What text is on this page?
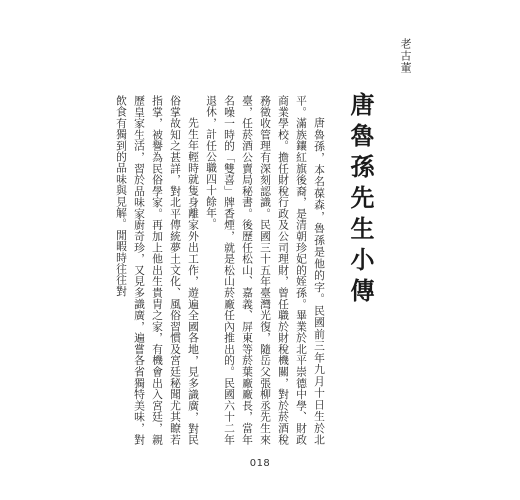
老古董
唐魯孫先生小傳

唐魯孫，本名葆森，魯孫是他的字。民國前三年九月十日生於北平。滿族鑲紅旗後裔，是清朝珍妃的姪孫。畢業於北平崇德中學、財政商業學校。擔任財稅行政及公司理財，曾任職於財稅機關，對於菸酒稅務徵收管理有深刻認識。民國三十五年臺灣光復，隨岳父張柳丞先生來臺，任菸酒公賣局秘書。後歷任松山、嘉義、屏東等菸葉廠廠長，當年名噪一時的「雙喜」牌香煙，就是松山菸廠任內推出的。民國六十二年退休，計任公職四十餘年。

先生年輕時就隻身離家外出工作，遊遍全國各地，見多識廣，對民俗掌故知之甚詳，對北平傳統夢土文化、風俗習慣及宮廷秘聞尤其瞭若指掌，被譽為民俗學家。再加上他出生貴胄之家，有機會出入宮廷，親歷皇家生活，習於品味家廚奇珍，又見多識廣，遍嘗各省獨特美味，對飲食有獨到的品味與見解。閒暇時往往對

018
